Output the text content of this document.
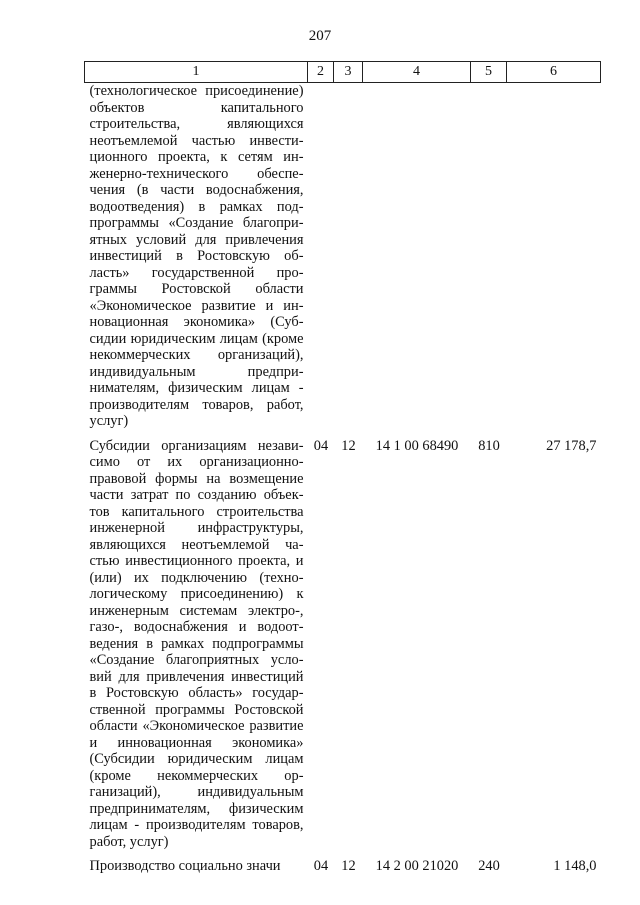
207
1	2	3	4	5	6
(технологическое присоединение) объектов капитального строительства, являющихся неотъемлемой частью инвестиционного проекта, к сетям инженерно-технического обеспечения (в части водоснабжения, водоотведения) в рамках подпрограммы «Создание благоприятных условий для привлечения инвестиций в Ростовскую область» государственной программы Ростовской области «Экономическое развитие и инновационная экономика» (Субсидии юридическим лицам (кроме некоммерческих организаций), индивидуальным предпринимателям, физическим лицам - производителям товаров, работ, услуг)					
Субсидии организациям независимо от их организационно-правовой формы на возмещение части затрат по созданию объектов капитального строительства инженерной инфраструктуры, являющихся неотъемлемой частью инвестиционного проекта, и (или) их подключению (технологическому присоединению) к инженерным системам электро-, газо-, водоснабжения и водоотведения в рамках подпрограммы «Создание благоприятных условий для привлечения инвестиций в Ростовскую область» государственной программы Ростовской области «Экономическое развитие и инновационная экономика» (Субсидии юридическим лицам (кроме некоммерческих организаций), индивидуальным предпринимателям, физическим лицам - производителям товаров, работ, услуг)	04	12	14 1 00 68490	810	27 178,7
Производство социально значи	04	12	14 2 00 21020	240	1 148,0
